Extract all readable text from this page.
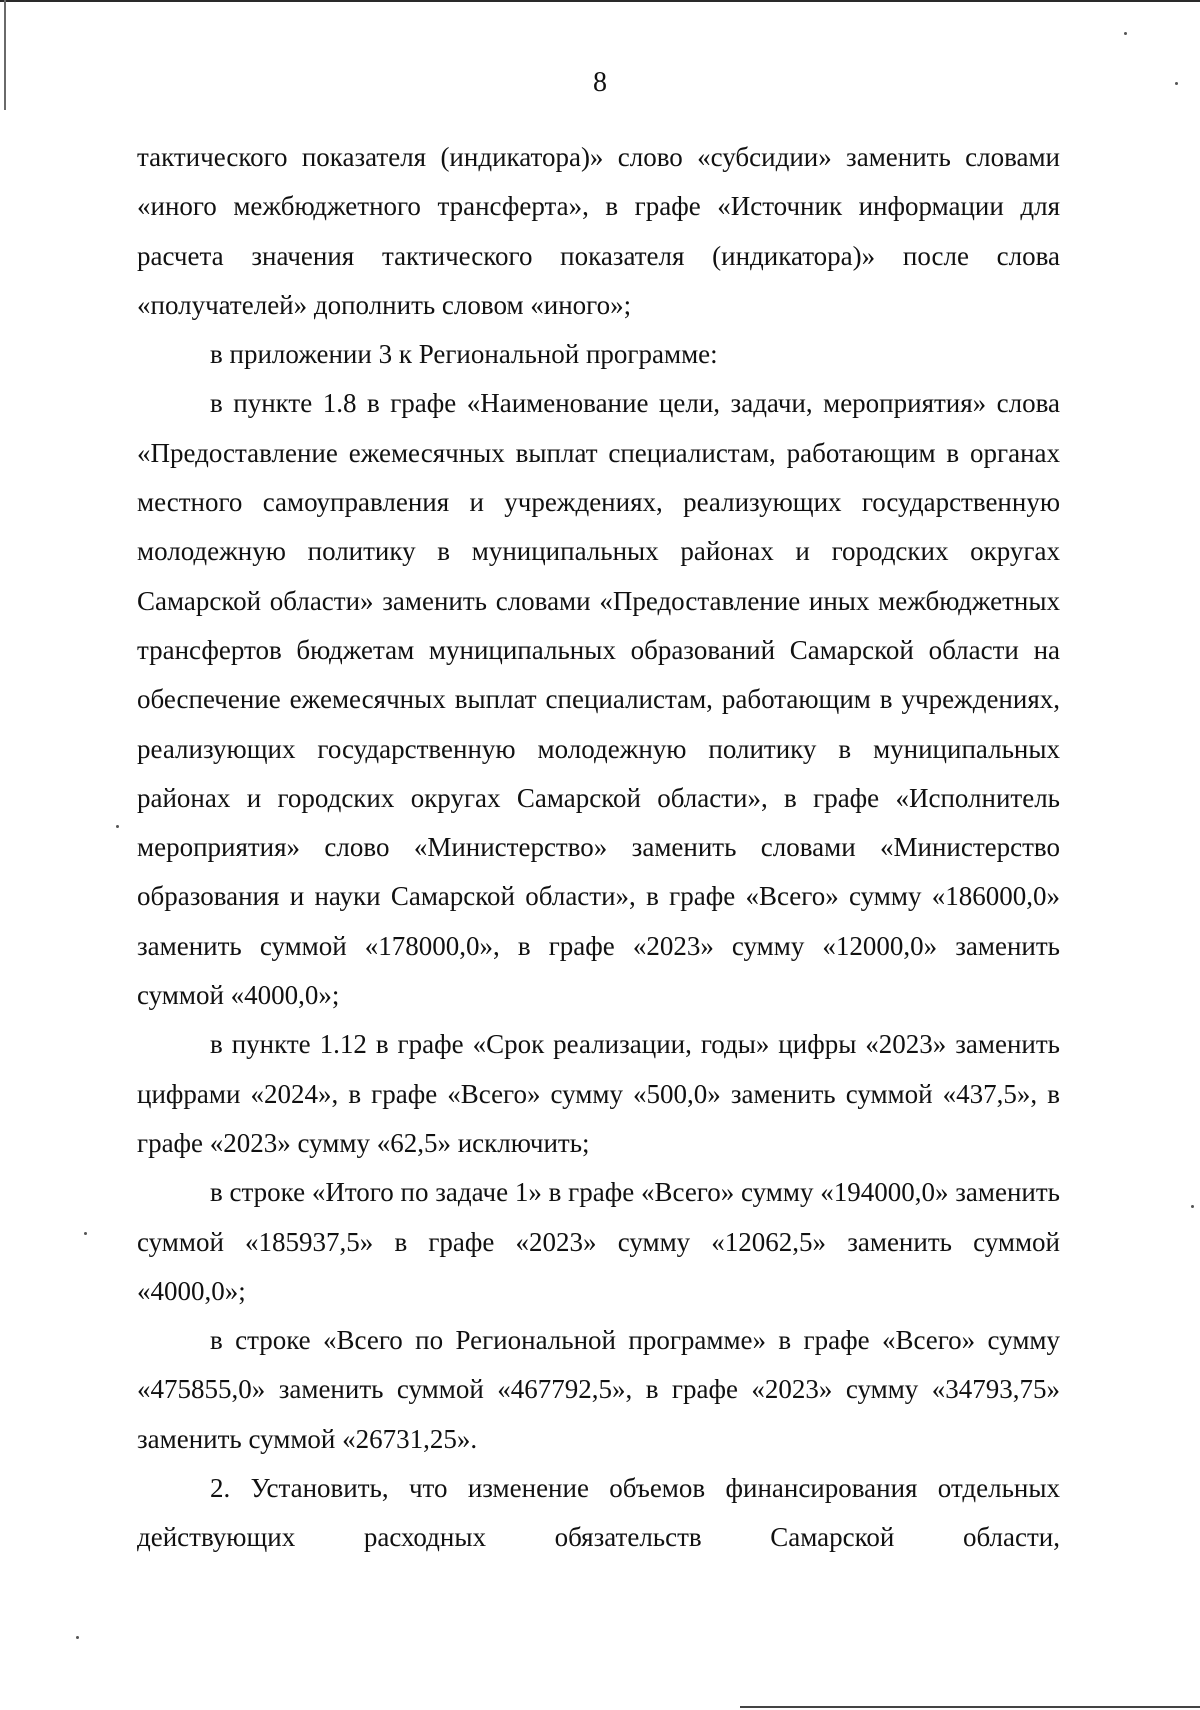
8

тактического показателя (индикатора)» слово «субсидии» заменить словами «иного межбюджетного трансферта», в графе «Источник информации для расчета значения тактического показателя (индикатора)» после слова «получателей» дополнить словом «иного»;

в приложении 3 к Региональной программе:

в пункте 1.8 в графе «Наименование цели, задачи, мероприятия» слова «Предоставление ежемесячных выплат специалистам, работающим в органах местного самоуправления и учреждениях, реализующих государственную молодежную политику в муниципальных районах и городских округах Самарской области» заменить словами «Предоставление иных межбюджетных трансфертов бюджетам муниципальных образований Самарской области на обеспечение ежемесячных выплат специалистам, работающим в учреждениях, реализующих государственную молодежную политику в муниципальных районах и городских округах Самарской области», в графе «Исполнитель мероприятия» слово «Министерство» заменить словами «Министерство образования и науки Самарской области», в графе «Всего» сумму «186000,0» заменить суммой «178000,0», в графе «2023» сумму «12000,0» заменить суммой «4000,0»;

в пункте 1.12 в графе «Срок реализации, годы» цифры «2023» заменить цифрами «2024», в графе «Всего» сумму «500,0» заменить суммой «437,5», в графе «2023» сумму «62,5» исключить;

в строке «Итого по задаче 1» в графе «Всего» сумму «194000,0» заменить суммой «185937,5» в графе «2023» сумму «12062,5» заменить суммой «4000,0»;

в строке «Всего по Региональной программе» в графе «Всего» сумму «475855,0» заменить суммой «467792,5», в графе «2023» сумму «34793,75» заменить суммой «26731,25».

2. Установить, что изменение объемов финансирования отдельных действующих расходных обязательств Самарской области,
